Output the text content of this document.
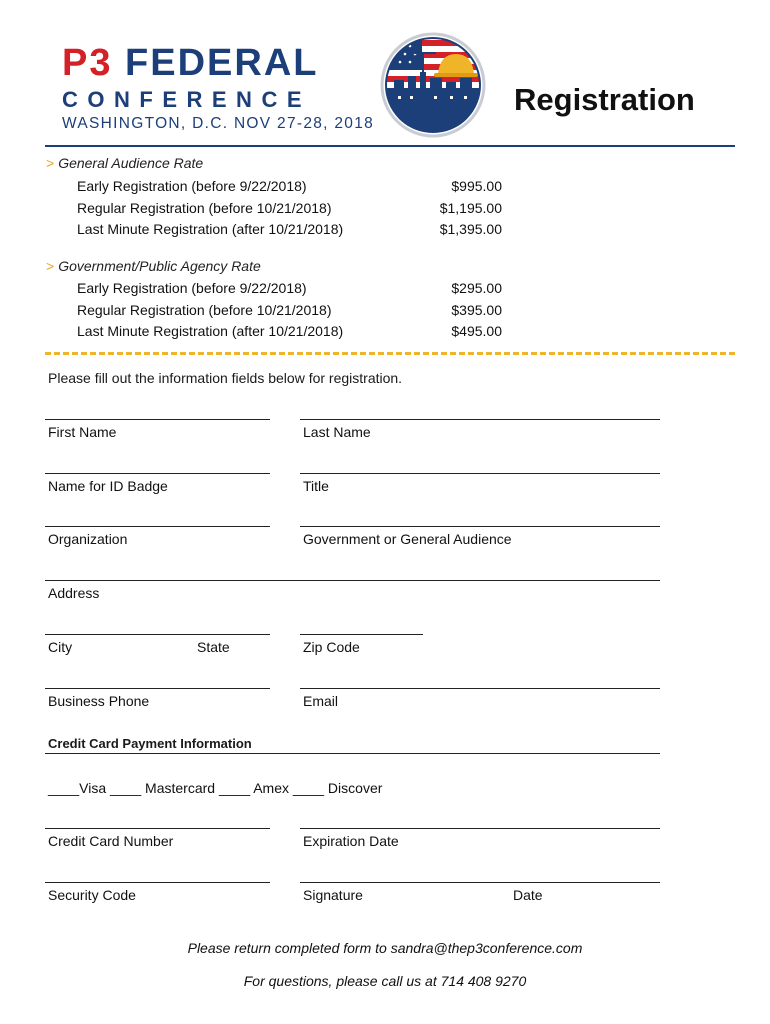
P3 FEDERAL
CONFERENCE
WASHINGTON, D.C. NOV 27-28, 2018
Registration
> General Audience Rate
Early Registration (before 9/22/2018)	$995.00
Regular Registration (before 10/21/2018)	$1,195.00
Last Minute Registration (after 10/21/2018)	$1,395.00
> Government/Public Agency Rate
Early Registration (before 9/22/2018)	$295.00
Regular Registration (before 10/21/2018)	$395.00
Last Minute Registration (after 10/21/2018)	$495.00
Please fill out the information fields below for registration.
First Name	Last Name
Name for ID Badge	Title
Organization	Government or General Audience
Address
City	State	Zip Code
Business Phone	Email
Credit Card Payment Information
____Visa ____ Mastercard ____ Amex ____ Discover
Credit Card Number	Expiration Date
Security Code	Signature	Date
Please return completed form to sandra@thep3conference.com
For questions, please call us at 714 408 9270
